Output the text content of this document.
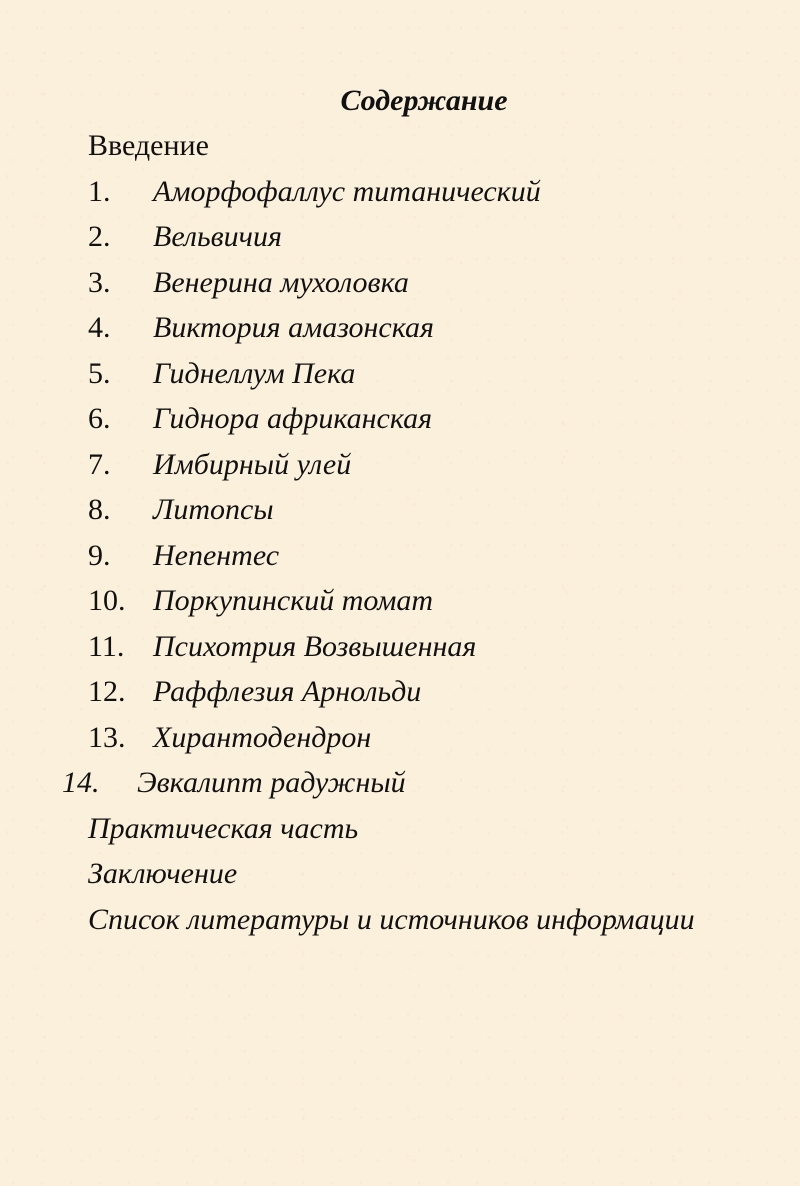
Содержание
Введение
1. Аморфофаллус титанический
2. Вельвичия
3. Венерина мухоловка
4. Виктория амазонская
5. Гиднеллум Пека
6. Гиднора африканская
7. Имбирный улей
8. Литопсы
9. Непентес
10. Поркупинский томат
11. Психотрия Возвышенная
12. Раффлезия Арнольди
13. Хирантодендрон
14. Эвкалипт радужный
Практическая часть
Заключение
Список литературы и источников информации
